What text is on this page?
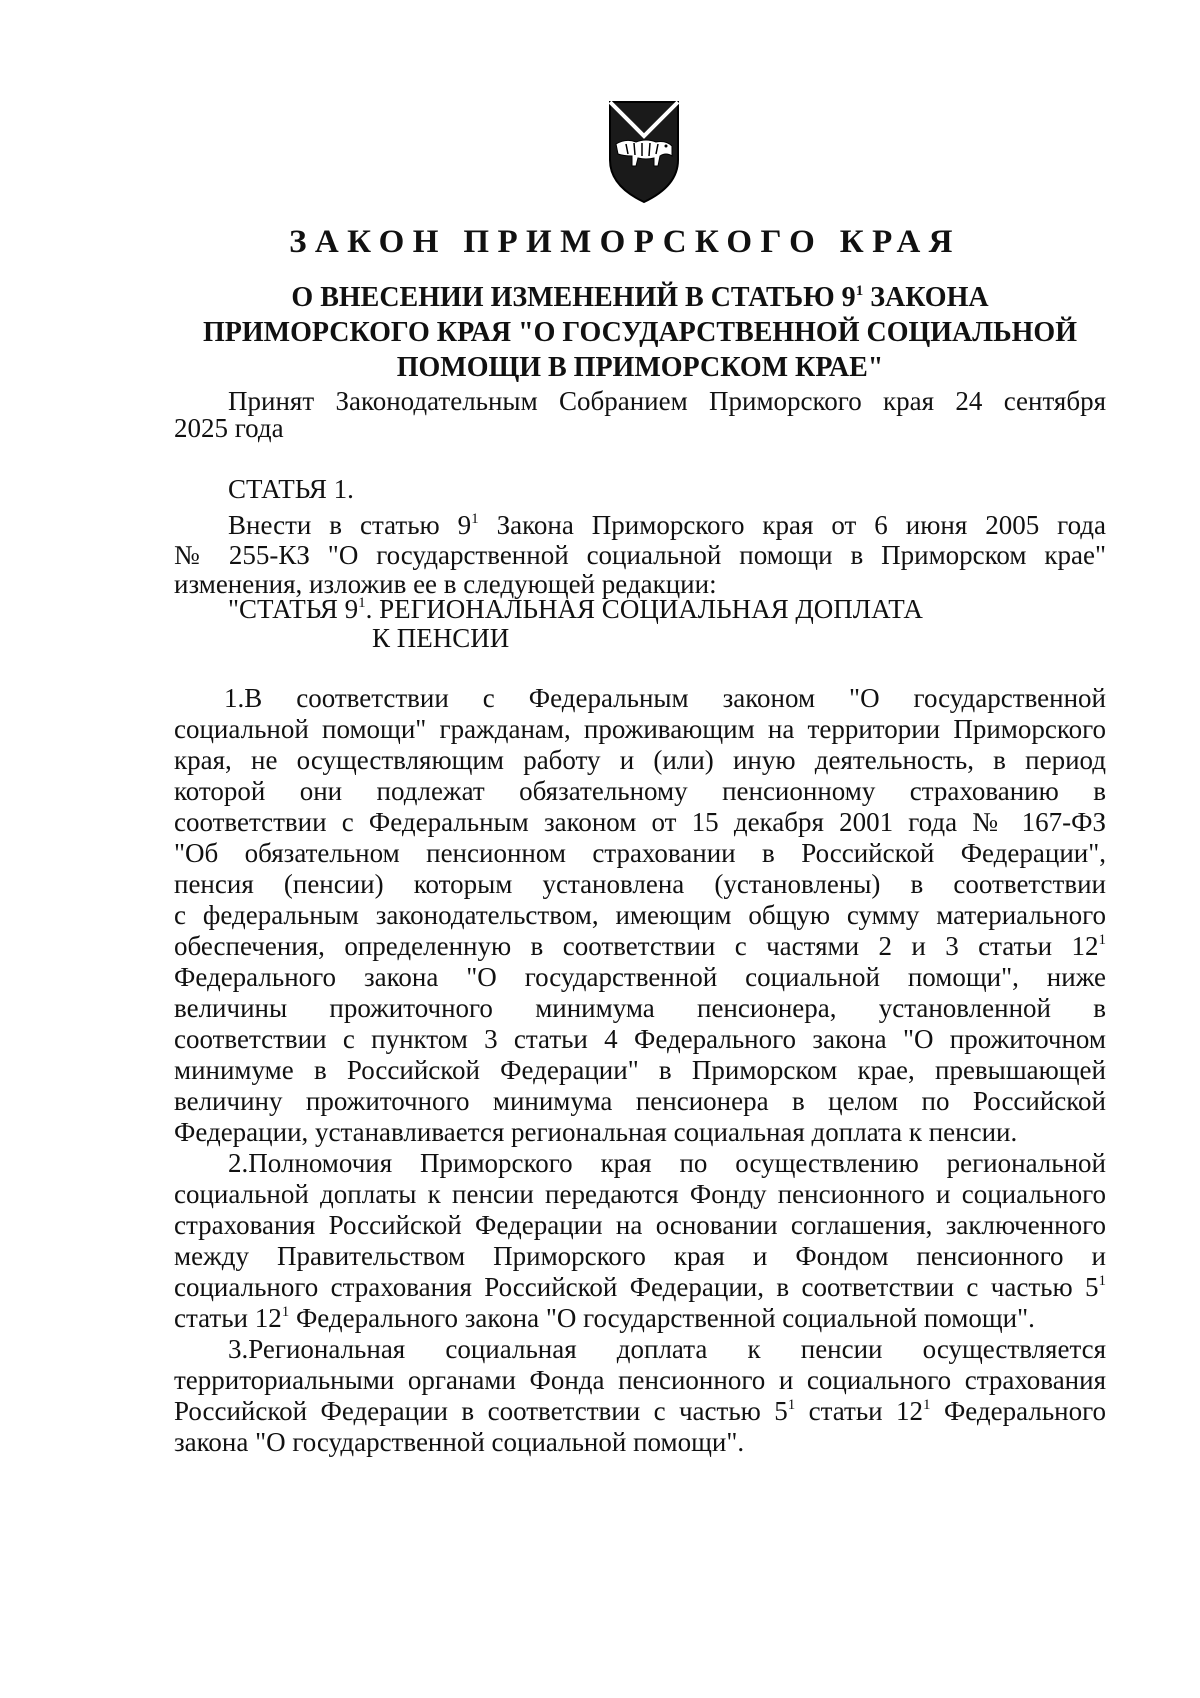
ЗАКОН ПРИМОРСКОГО КРАЯ
О ВНЕСЕНИИ ИЗМЕНЕНИЙ В СТАТЬЮ $9^1$ ЗАКОНА
ПРИМОРСКОГО КРАЯ "О ГОСУДАРСТВЕННОЙ СОЦИАЛЬНОЙ
ПОМОЩИ В ПРИМОРСКОМ КРАЕ"
Принят Законодательным Собранием Приморского края 24 сентября
2025 года
СТАТЬЯ 1.
Внести в статью $9^1$ Закона Приморского края от 6 июня 2005 года
№ 255-КЗ "О государственной социальной помощи в Приморском крае"
изменения, изложив ее в следующей редакции:
"СТАТЬЯ $9^1$. РЕГИОНАЛЬНАЯ СОЦИАЛЬНАЯ ДОПЛАТА
К ПЕНСИИ
1.В соответствии с Федеральным законом "О государственной
социальной помощи" гражданам, проживающим на территории Приморского
края, не осуществляющим работу и (или) иную деятельность, в период
которой они подлежат обязательному пенсионному страхованию в
соответствии с Федеральным законом от 15 декабря 2001 года № 167-ФЗ
"Об обязательном пенсионном страховании в Российской Федерации",
пенсия (пенсии) которым установлена (установлены) в соответствии
с федеральным законодательством, имеющим общую сумму материального
обеспечения, определенную в соответствии с частями 2 и 3 статьи $12^1$
Федерального закона "О государственной социальной помощи", ниже
величины прожиточного минимума пенсионера, установленной в
соответствии с пунктом 3 статьи 4 Федерального закона "О прожиточном
минимуме в Российской Федерации" в Приморском крае, превышающей
величину прожиточного минимума пенсионера в целом по Российской
Федерации, устанавливается региональная социальная доплата к пенсии.
2.Полномочия Приморского края по осуществлению региональной
социальной доплаты к пенсии передаются Фонду пенсионного и социального
страхования Российской Федерации на основании соглашения, заключенного
между Правительством Приморского края и Фондом пенсионного и
социального страхования Российской Федерации, в соответствии с частью $5^1$
статьи $12^1$ Федерального закона "О государственной социальной помощи".
3.Региональная социальная доплата к пенсии осуществляется
территориальными органами Фонда пенсионного и социального страхования
Российской Федерации в соответствии с частью $5^1$ статьи $12^1$ Федерального
закона "О государственной социальной помощи".
